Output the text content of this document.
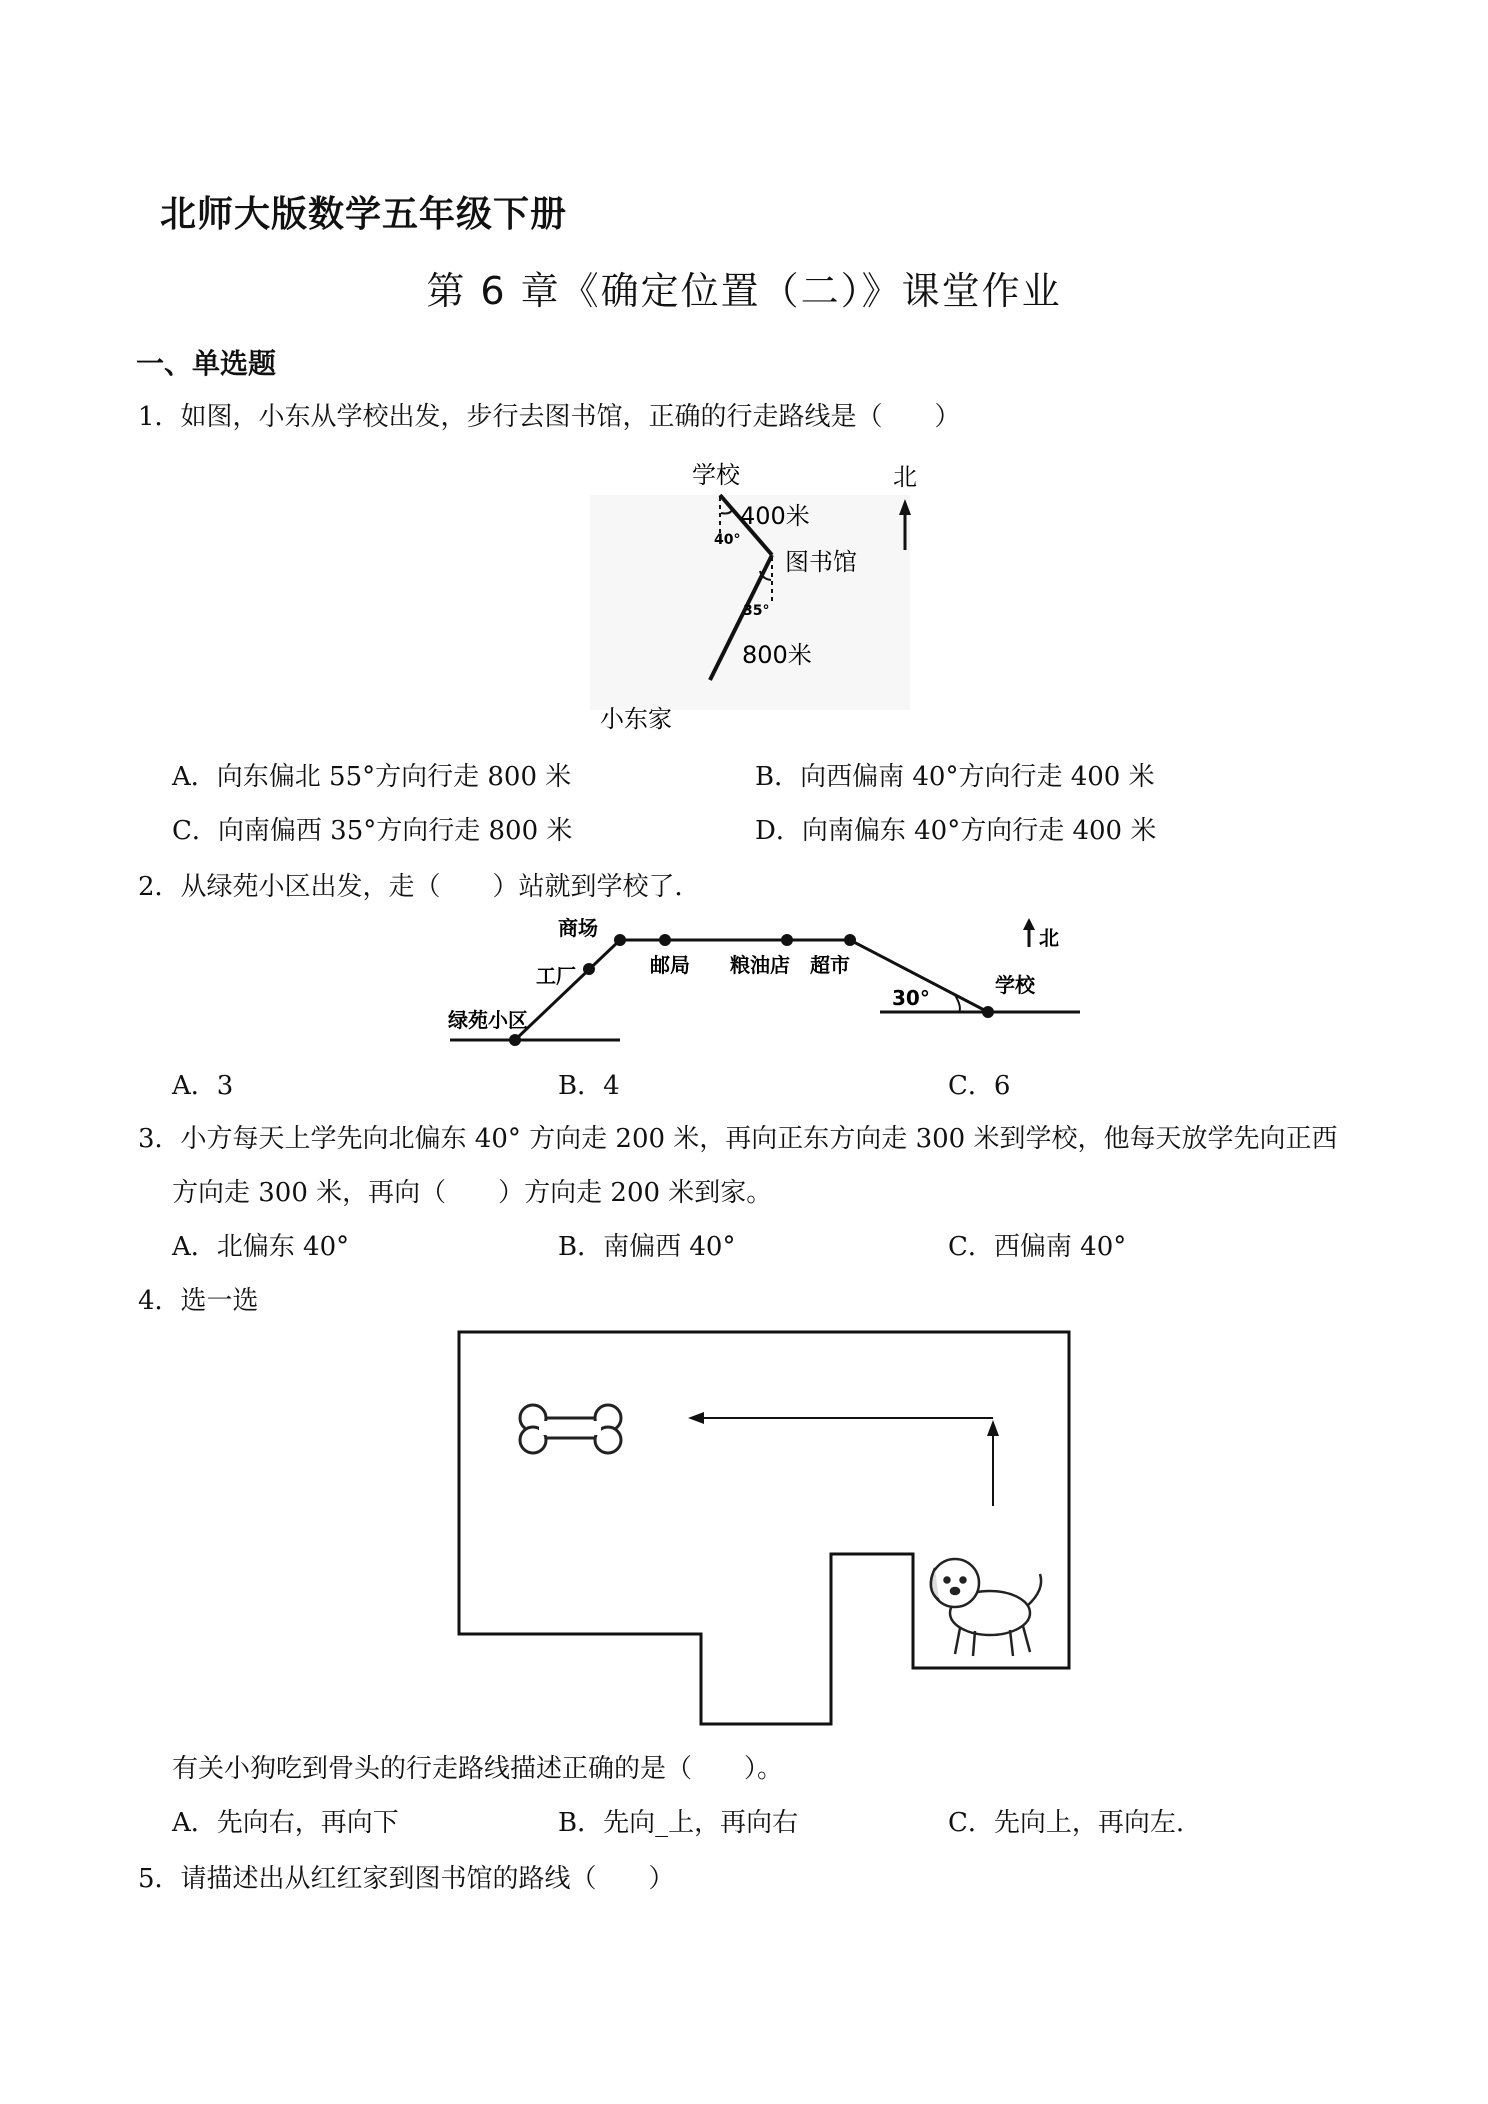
北师大版数学五年级下册
第 6 章《确定位置（二）》课堂作业
一、单选题
1．如图，小东从学校出发，步行去图书馆，正确的行走路线是（　　）
学校
400米
40°
图书馆
35°
800米
小东家
北
A．向东偏北 55°方向行走 800 米	B．向西偏南 40°方向行走 400 米
C．向南偏西 35°方向行走 800 米	D．向南偏东 40°方向行走 400 米
2．从绿苑小区出发，走（　　）站就到学校了．
绿苑小区
工厂
商场
邮局 粮油店 超市
30°
学校
北
A．3	B．4	C．6
3．小方每天上学先向北偏东 40° 方向走 200 米，再向正东方向走 300 米到学校，他每天放学先向正西
方向走 300 米，再向（　　）方向走 200 米到家。
A．北偏东 40°	B．南偏西 40°	C．西偏南 40°
4．选一选
有关小狗吃到骨头的行走路线描述正确的是（　　）。
A．先向右，再向下	B．先向_上，再向右	C．先向上，再向左.
5．请描述出从红红家到图书馆的路线（　　）
